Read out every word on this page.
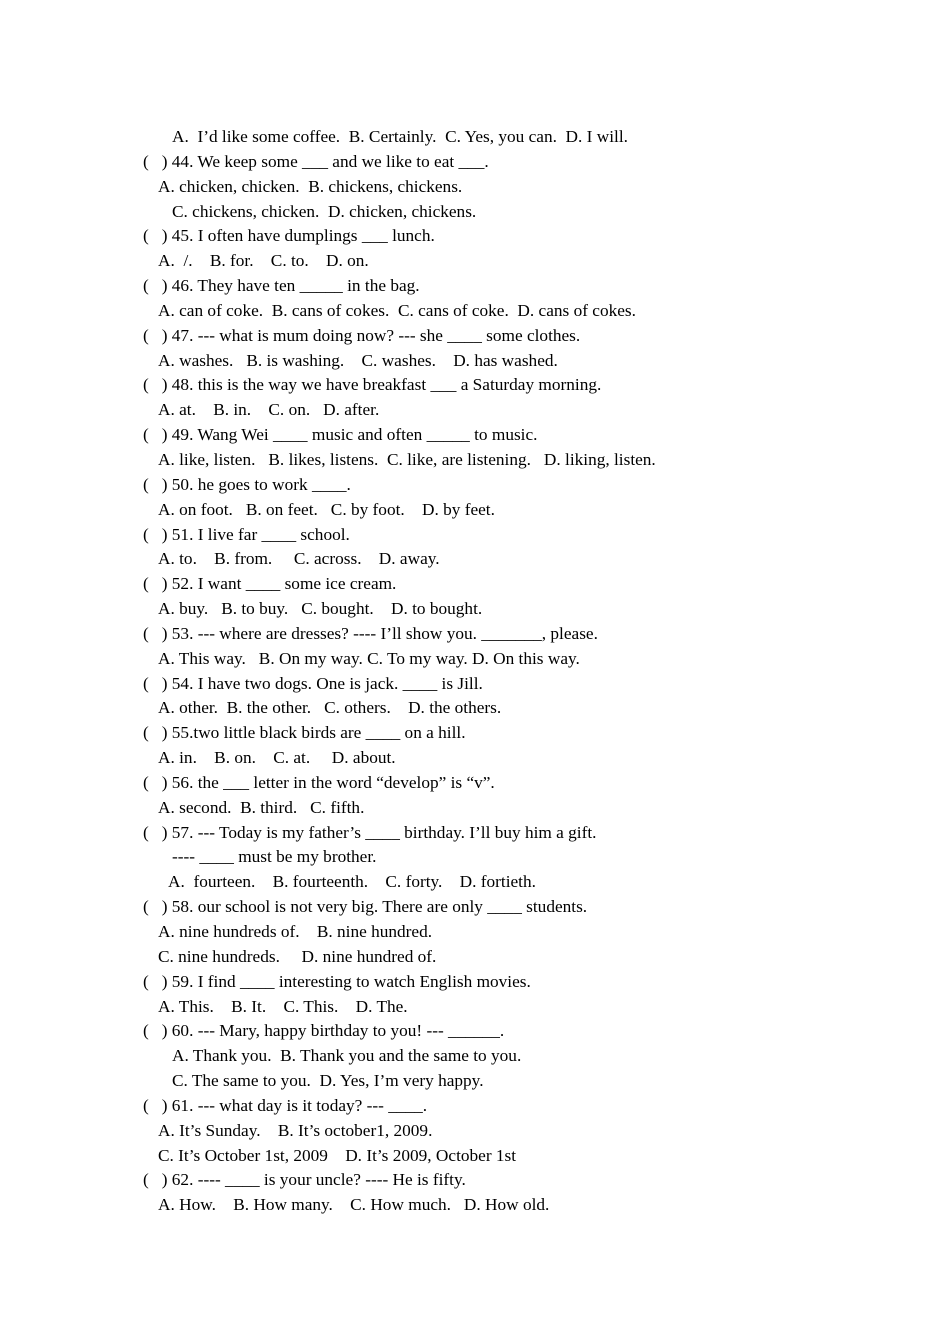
A.  I’d like some coffee.  B. Certainly.  C. Yes, you can.  D. I will.
(   ) 44. We keep some ___ and we like to eat ___.
A. chicken, chicken.  B. chickens, chickens.
C. chickens, chicken.  D. chicken, chickens.
(   ) 45. I often have dumplings ___ lunch.
A.  /.    B. for.    C. to.    D. on.
(   ) 46. They have ten _____ in the bag.
A. can of coke.  B. cans of cokes.  C. cans of coke.  D. cans of cokes.
(   ) 47. --- what is mum doing now? --- she ____ some clothes.
A. washes.   B. is washing.    C. washes.    D. has washed.
(   ) 48. this is the way we have breakfast ___ a Saturday morning.
A. at.    B. in.    C. on.   D. after.
(   ) 49. Wang Wei ____ music and often _____ to music.
A. like, listen.   B. likes, listens.  C. like, are listening.   D. liking, listen.
(   ) 50. he goes to work ____.
A. on foot.   B. on feet.   C. by foot.    D. by feet.
(   ) 51. I live far ____ school.
A. to.    B. from.     C. across.    D. away.
(   ) 52. I want ____ some ice cream.
A. buy.   B. to buy.   C. bought.    D. to bought.
(   ) 53. --- where are dresses? ---- I’ll show you. _______, please.
A. This way.   B. On my way. C. To my way. D. On this way.
(   ) 54. I have two dogs. One is jack. ____ is Jill.
A. other.  B. the other.   C. others.    D. the others.
(   ) 55.two little black birds are ____ on a hill.
A. in.    B. on.    C. at.     D. about.
(   ) 56. the ___ letter in the word “develop” is “v”.
A. second.  B. third.   C. fifth.
(   ) 57. --- Today is my father’s ____ birthday. I’ll buy him a gift.
---- ____ must be my brother.
A.  fourteen.    B. fourteenth.    C. forty.    D. fortieth.
(   ) 58. our school is not very big. There are only ____ students.
A. nine hundreds of.    B. nine hundred.
C. nine hundreds.     D. nine hundred of.
(   ) 59. I find ____ interesting to watch English movies.
A. This.    B. It.    C. This.    D. The.
(   ) 60. --- Mary, happy birthday to you! --- ______.
A. Thank you.  B. Thank you and the same to you.
C. The same to you.  D. Yes, I’m very happy.
(   ) 61. --- what day is it today? --- ____.
A. It’s Sunday.    B. It’s october1, 2009.
C. It’s October 1st, 2009    D. It’s 2009, October 1st
(   ) 62. ---- ____ is your uncle? ---- He is fifty.
A. How.    B. How many.    C. How much.   D. How old.
